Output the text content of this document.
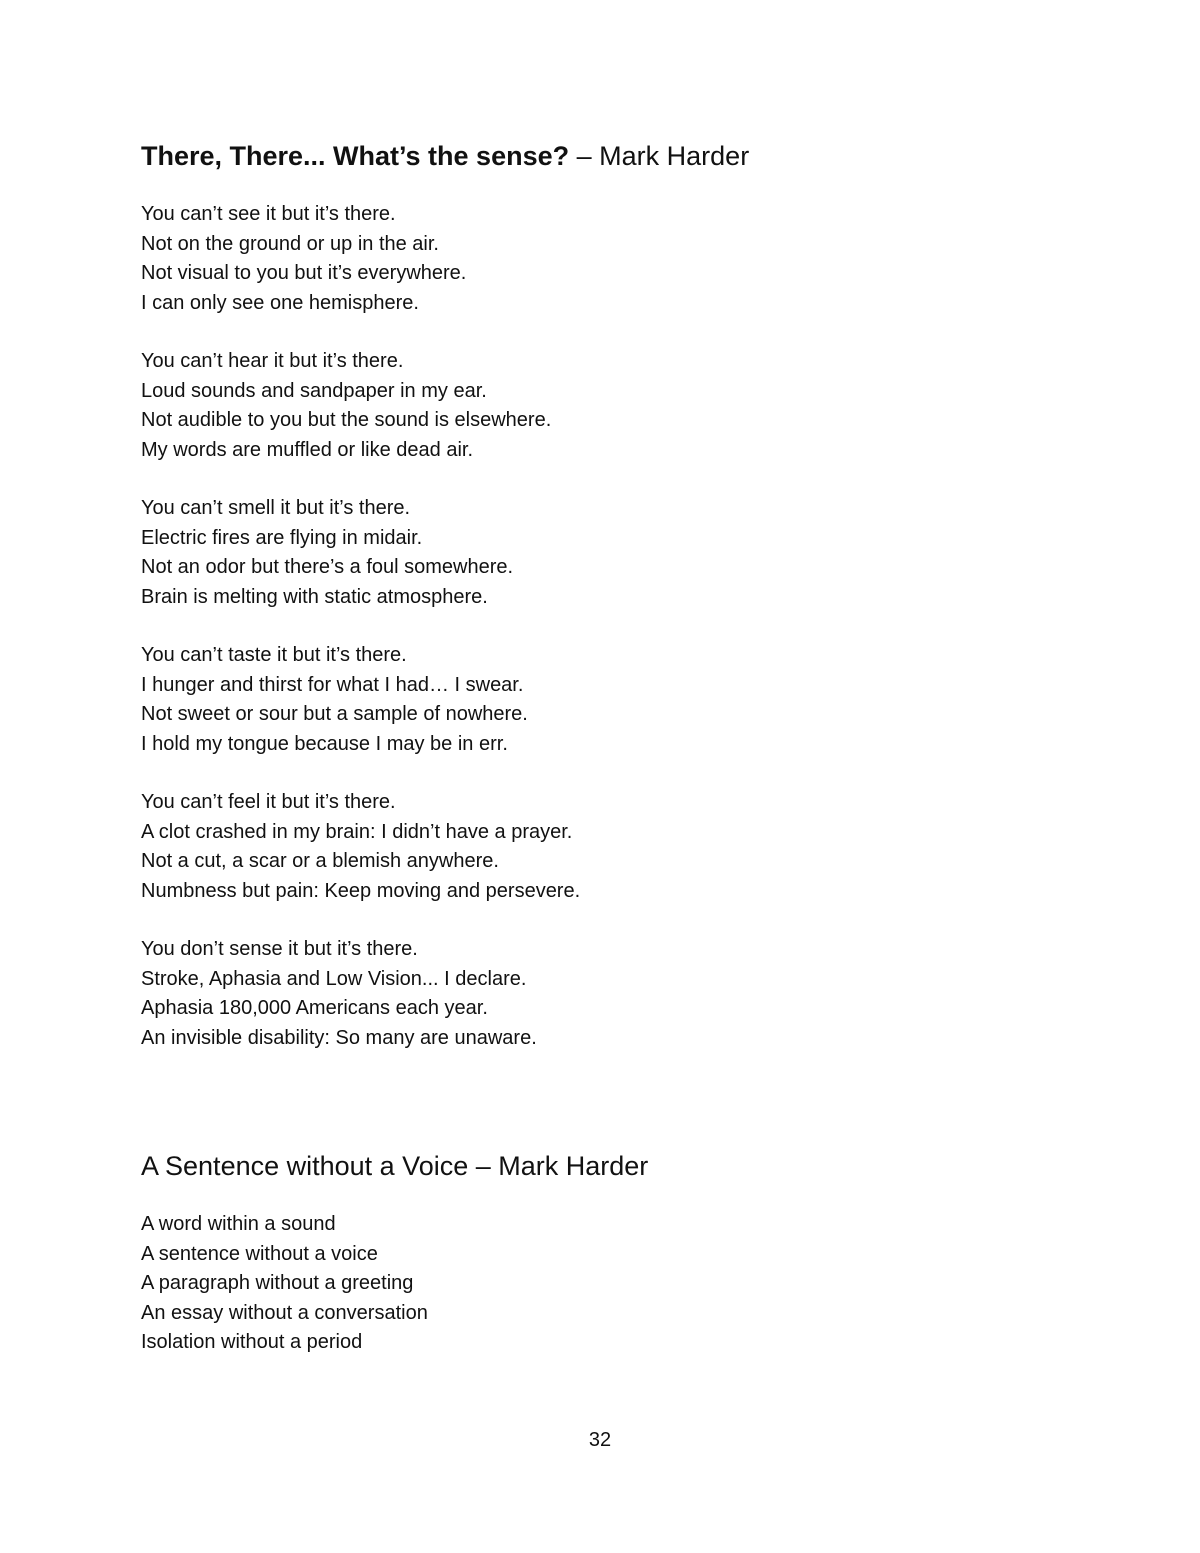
There, There... What’s the sense? – Mark Harder
You can’t see it but it’s there.
Not on the ground or up in the air.
Not visual to you but it’s everywhere.
I can only see one hemisphere.
You can’t hear it but it’s there.
Loud sounds and sandpaper in my ear.
Not audible to you but the sound is elsewhere.
My words are muffled or like dead air.
You can’t smell it but it’s there.
Electric fires are flying in midair.
Not an odor but there’s a foul somewhere.
Brain is melting with static atmosphere.
You can’t taste it but it’s there.
I hunger and thirst for what I had… I swear.
Not sweet or sour but a sample of nowhere.
I hold my tongue because I may be in err.
You can’t feel it but it’s there.
A clot crashed in my brain: I didn’t have a prayer.
Not a cut, a scar or a blemish anywhere.
Numbness but pain: Keep moving and persevere.
You don’t sense it but it’s there.
Stroke, Aphasia and Low Vision... I declare.
Aphasia 180,000 Americans each year.
An invisible disability: So many are unaware.
A Sentence without a Voice – Mark Harder
A word within a sound
A sentence without a voice
A paragraph without a greeting
An essay without a conversation
Isolation without a period
32
